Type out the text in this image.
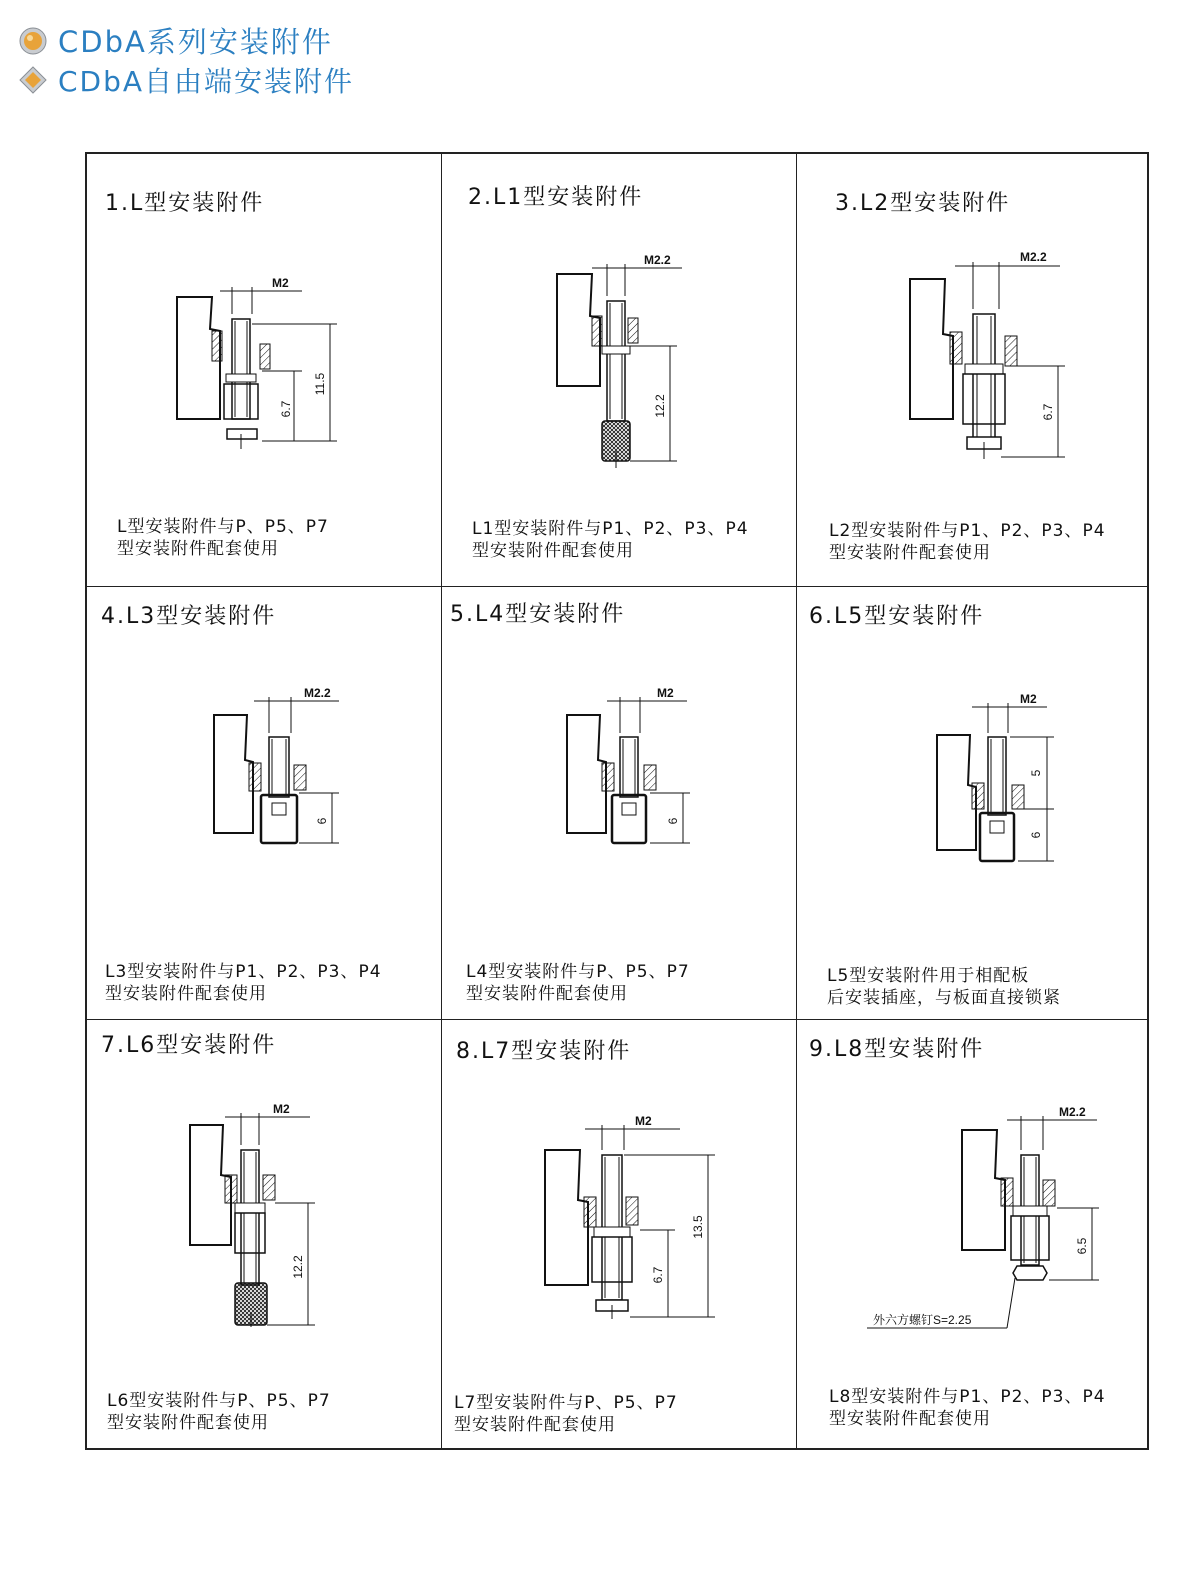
CDbA系列安装附件
CDbA自由端安装附件
1.L型安装附件
M2
6.7
11.5
L型安装附件与P、P5、P7
型安装附件配套使用
2.L1型安装附件
M2.2
12.2
L1型安装附件与P1、P2、P3、P4
型安装附件配套使用
3.L2型安装附件
M2.2
6.7
L2型安装附件与P1、P2、P3、P4
型安装附件配套使用
4.L3型安装附件
M2.2
6
L3型安装附件与P1、P2、P3、P4
型安装附件配套使用
5.L4型安装附件
M2
6
L4型安装附件与P、P5、P7
型安装附件配套使用
6.L5型安装附件
M2
5
6
L5型安装附件用于相配板
后安装插座，与板面直接锁紧
7.L6型安装附件
M2
12.2
L6型安装附件与P、P5、P7
型安装附件配套使用
8.L7型安装附件
M2
6.7
13.5
L7型安装附件与P、P5、P7
型安装附件配套使用
9.L8型安装附件
M2.2
6.5
外六方螺钉S=2.25
L8型安装附件与P1、P2、P3、P4
型安装附件配套使用
